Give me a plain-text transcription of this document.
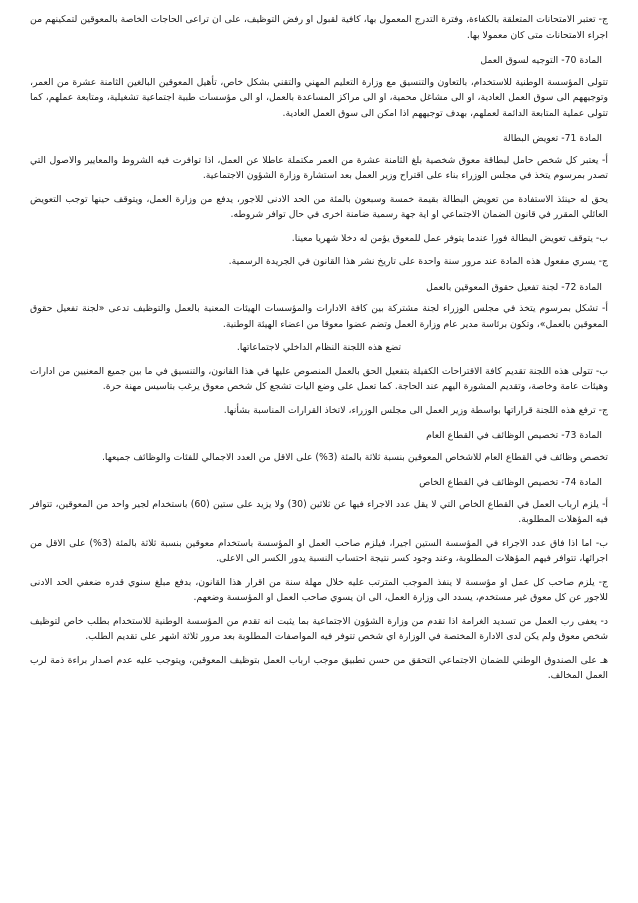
ج- تعتبر الامتحانات المتعلقة بالكفاءة، وفترة التدرج المعمول بها، كافية لقبول او رفض التوظيف، على ان تراعى الحاجات الخاصة بالمعوقين لتمكينهم من اجراء الامتحانات متى كان معمولا بها.

المادة 70- التوجيه لسوق العمل

تتولى المؤسسة الوطنية للاستخدام، بالتعاون والتنسيق مع وزارة التعليم المهني والتقني بشكل خاص، تأهيل المعوقين البالغين الثامنة عشرة من العمر، وتوجيههم الى سوق العمل العادية، او الى مشاغل محمية، او الى مراكز المساعدة بالعمل، او الى مؤسسات طبية اجتماعية تشغيلية، ومتابعة عملهم، كما تتولى عملية المتابعة الدائمة لعملهم، بهدف توجيههم اذا امكن الى سوق العمل العادية.

المادة 71- تعويض البطالة

أ- يعتبر كل شخص حامل لبطاقة معوق شخصية بلغ الثامنة عشرة من العمر مكتملة عاطلا عن العمل، اذا توافرت فيه الشروط والمعايير والاصول التي تصدر بمرسوم يتخذ في مجلس الوزراء بناء على اقتراح وزير العمل بعد استشارة وزارة الشؤون الاجتماعية.

يحق له حينئذ الاستفادة من تعويض البطالة بقيمة خمسة وسبعون بالمئة من الحد الادنى للاجور، يدفع من وزارة العمل، ويتوقف حينها توجب التعويض العائلي المقرر في قانون الضمان الاجتماعي او اية جهة رسمية ضامنة اخرى في حال توافر شروطه.

ب- يتوقف تعويض البطالة فورا عندما يتوفر عمل للمعوق يؤمن له دخلا شهريا معينا.

ج- يسري مفعول هذه المادة عند مرور سنة واحدة على تاريخ نشر هذا القانون في الجريدة الرسمية.

المادة 72- لجنة تفعيل حقوق المعوقين بالعمل

أ- تشكل بمرسوم يتخذ في مجلس الوزراء لجنة مشتركة بين كافة الادارات والمؤسسات الهيئات المعنية بالعمل والتوظيف تدعى «لجنة تفعيل حقوق المعوقين بالعمل»، وتكون برئاسة مدير عام وزارة العمل وتضم عضوا معوقا من اعضاء الهيئة الوطنية.

تضع هذه اللجنة النظام الداخلي لاجتماعاتها.

ب- تتولى هذه اللجنة تقديم كافة الاقتراحات الكفيلة بتفعيل الحق بالعمل المنصوص عليها في هذا القانون، والتنسيق في ما بين جميع المعنيين من ادارات وهيئات عامة وخاصة، وتقديم المشورة اليهم عند الحاجة. كما تعمل على وضع اليات تشجع كل شخص معوق يرغب بتاسيس مهنة حرة.

ج- ترفع هذه اللجنة قراراتها بواسطة وزير العمل الى مجلس الوزراء، لاتخاذ القرارات المناسبة بشأنها.

المادة 73- تخصيص الوظائف في القطاع العام

تخصص وظائف في القطاع العام للاشخاص المعوقين بنسبة ثلاثة بالمئة (3%) على الاقل من العدد الاجمالي للفئات والوظائف جميعها.

المادة 74- تخصيص الوظائف في القطاع الخاص

أ- يلزم ارباب العمل في القطاع الخاص التي لا يقل عدد الاجراء فيها عن ثلاثين (30) ولا يزيد على ستين (60) باستخدام لجير واحد من المعوقين، تتوافر فيه المؤهلات المطلوبة.

ب- اما اذا فاق عدد الاجراء في المؤسسة الستين اجيرا، فيلزم صاحب العمل او المؤسسة باستخدام معوقين بنسبة ثلاثة بالمئة (3%) على الاقل من اجرائها، تتوافر فيهم المؤهلات المطلوبة، وعند وجود كسر نتيجة احتساب النسبة يدور الكسر الى الاعلى.

ج- يلزم صاحب كل عمل او مؤسسة لا ينفذ الموجب المترتب عليه خلال مهلة سنة من اقرار هذا القانون، بدفع مبلغ سنوي قدره ضعفي الحد الادنى للاجور عن كل معوق غير مستخدم، يسدد الى وزارة العمل، الى ان يسوي صاحب العمل او المؤسسة وضعهم.

د- يعفى رب العمل من تسديد الغرامة اذا تقدم من وزارة الشؤون الاجتماعية بما يثبت انه تقدم من المؤسسة الوطنية للاستخدام بطلب خاص لتوظيف شخص معوق ولم يكن لدى الادارة المختصة في الوزارة اي شخص تتوفر فيه المواصفات المطلوبة بعد مرور ثلاثة اشهر على تقديم الطلب.

هـ على الصندوق الوطني للضمان الاجتماعي التحقق من حسن تطبيق موجب ارباب العمل بتوظيف المعوقين، ويتوجب عليه عدم اصدار براءة ذمة لرب العمل المخالف.
